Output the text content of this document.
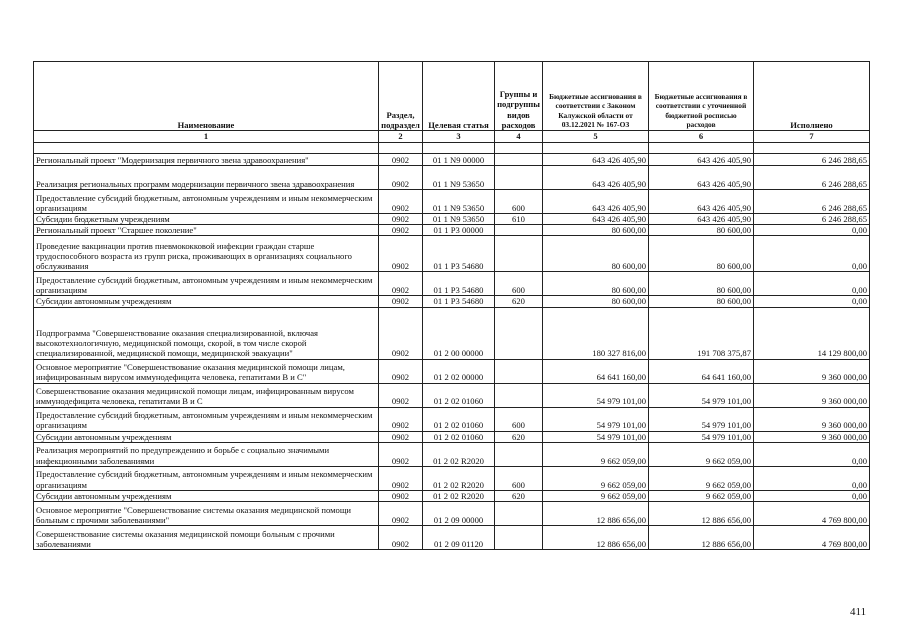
Наименование	Раздел, подраздел	Целевая статья	Группы и подгруппы видов расходов	Бюджетные ассигнования в соответствии с Законом Калужской области от 03.12.2021 № 167-ОЗ	Бюджетные ассигнования в соответствии с уточненной бюджетной росписью расходов	Исполнено
1	2	3	4	5	6	7

Региональный проект "Модернизация первичного звена здравоохранения"	0902	01 1 N9 00000		643 426 405,90	643 426 405,90	6 246 288,65
Реализация региональных программ модернизации первичного звена здравоохранения	0902	01 1 N9 53650		643 426 405,90	643 426 405,90	6 246 288,65
Предоставление субсидий бюджетным, автономным учреждениям и иным некоммерческим организациям	0902	01 1 N9 53650	600	643 426 405,90	643 426 405,90	6 246 288,65
Субсидии бюджетным учреждениям	0902	01 1 N9 53650	610	643 426 405,90	643 426 405,90	6 246 288,65
Региональный проект "Старшее поколение"	0902	01 1 P3 00000		80 600,00	80 600,00	0,00
Проведение вакцинации против пневмококковой инфекции граждан старше трудоспособного возраста из групп риска, проживающих в организациях социального обслуживания	0902	01 1 P3 54680		80 600,00	80 600,00	0,00
Предоставление субсидий бюджетным, автономным учреждениям и иным некоммерческим организациям	0902	01 1 P3 54680	600	80 600,00	80 600,00	0,00
Субсидии автономным учреждениям	0902	01 1 P3 54680	620	80 600,00	80 600,00	0,00
Подпрограмма "Совершенствование оказания специализированной, включая высокотехнологичную, медицинской помощи, скорой, в том числе скорой специализированной, медицинской помощи, медицинской эвакуации"	0902	01 2 00 00000		180 327 816,00	191 708 375,87	14 129 800,00
Основное мероприятие "Совершенствование оказания медицинской помощи лицам, инфицированным вирусом иммунодефицита человека, гепатитами В и С"	0902	01 2 02 00000		64 641 160,00	64 641 160,00	9 360 000,00
Совершенствование оказания медицинской помощи лицам, инфицированным вирусом иммунодефицита человека, гепатитами В и С	0902	01 2 02 01060		54 979 101,00	54 979 101,00	9 360 000,00
Предоставление субсидий бюджетным, автономным учреждениям и иным некоммерческим организациям	0902	01 2 02 01060	600	54 979 101,00	54 979 101,00	9 360 000,00
Субсидии автономным учреждениям	0902	01 2 02 01060	620	54 979 101,00	54 979 101,00	9 360 000,00
Реализация мероприятий по предупреждению и борьбе с социально значимыми инфекционными заболеваниями	0902	01 2 02 R2020		9 662 059,00	9 662 059,00	0,00
Предоставление субсидий бюджетным, автономным учреждениям и иным некоммерческим организациям	0902	01 2 02 R2020	600	9 662 059,00	9 662 059,00	0,00
Субсидии автономным учреждениям	0902	01 2 02 R2020	620	9 662 059,00	9 662 059,00	0,00
Основное мероприятие "Совершенствование системы оказания медицинской помощи больным с прочими заболеваниями"	0902	01 2 09 00000		12 886 656,00	12 886 656,00	4 769 800,00
Совершенствование системы оказания медицинской помощи больным с прочими заболеваниями	0902	01 2 09 01120		12 886 656,00	12 886 656,00	4 769 800,00
411
